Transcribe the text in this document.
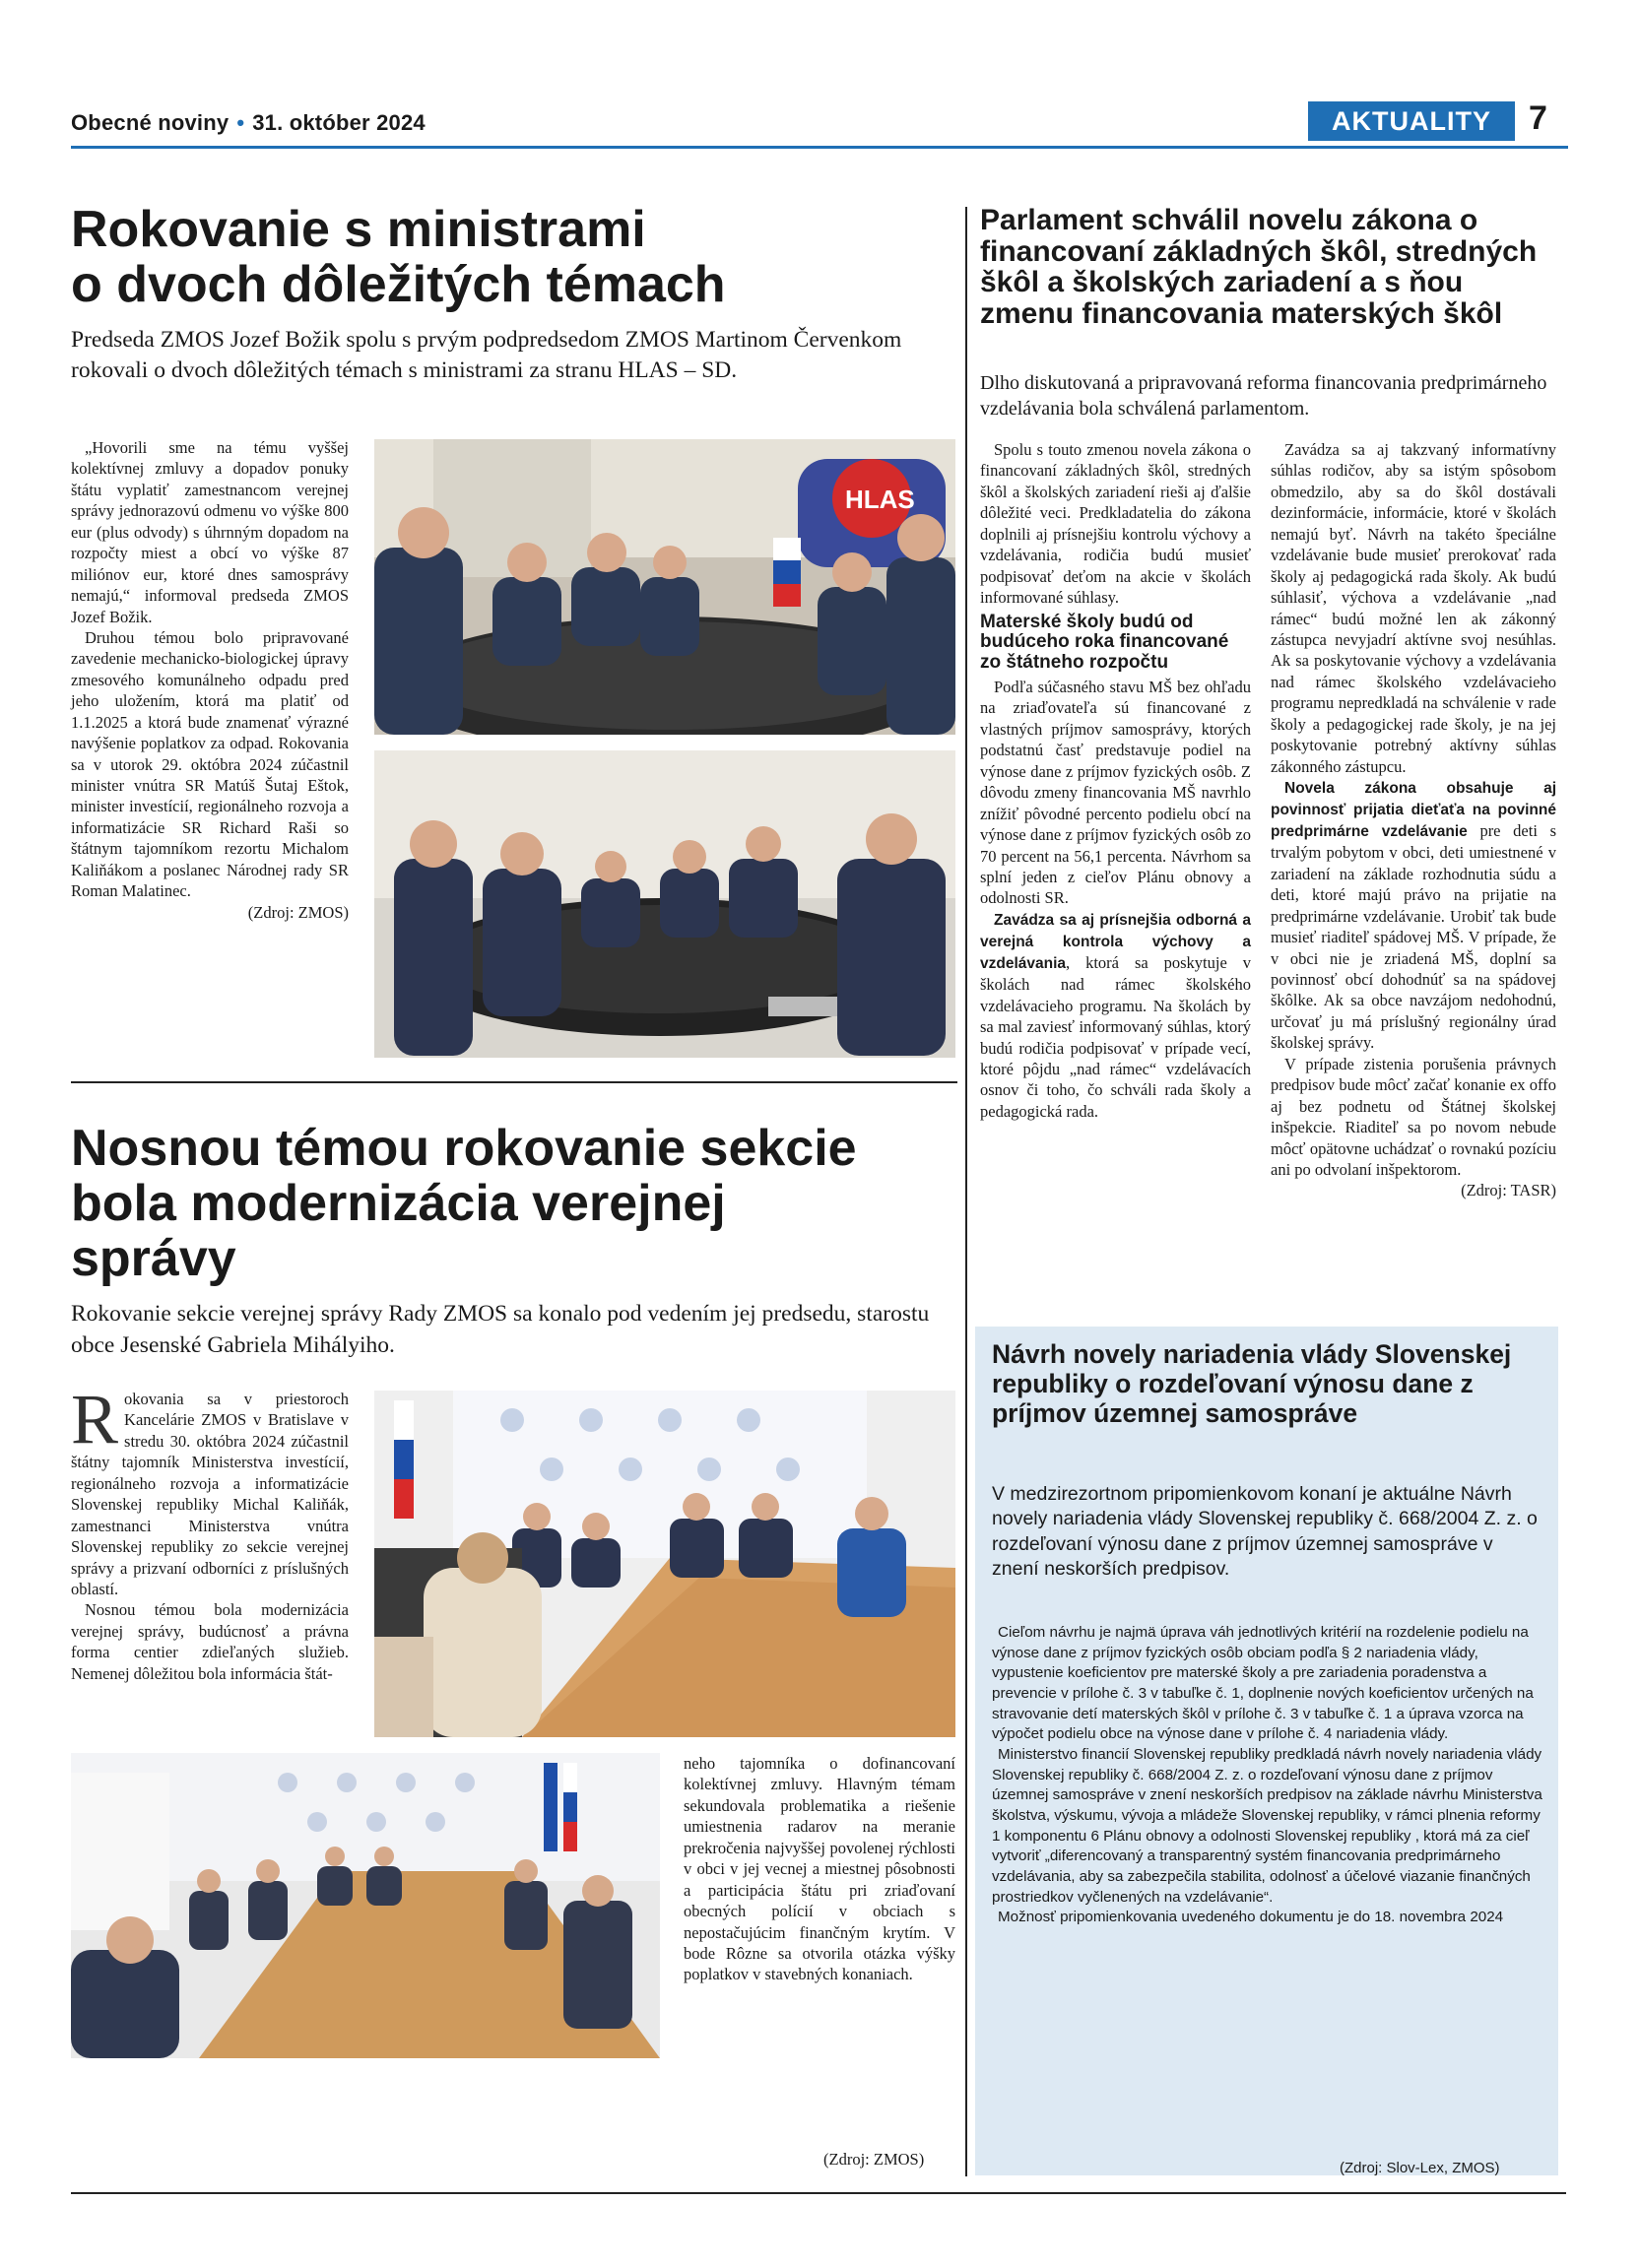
Obecné noviny • 31. október 2024	AKTUALITY	7
Rokovanie s ministrami
o dvoch dôležitých témach
Predseda ZMOS Jozef Božik spolu s prvým podpredsedom ZMOS Martinom Červenkom rokovali o dvoch dôležitých témach s ministrami za stranu HLAS – SD.

„Hovorili sme na tému vyššej kolektívnej zmluvy a dopadov ponuky štátu vyplatiť zamestnancom verejnej správy jednorazovú odmenu vo výške 800 eur (plus odvody) s úhrnným dopadom na rozpočty miest a obcí vo výške 87 miliónov eur, ktoré dnes samosprávy nemajú,“ informoval predseda ZMOS Jozef Božik.

Druhou témou bolo pripravované zavedenie mechanicko-biologickej úpravy zmesového komunálneho odpadu pred jeho uložením, ktorá ma platiť od 1.1.2025 a ktorá bude znamenať výrazné navýšenie poplatkov za odpad. Rokovania sa v utorok 29. októbra 2024 zúčastnil minister vnútra SR Matúš Šutaj Eštok, minister investícií, regionálneho rozvoja a informatizácie SR Richard Raši so štátnym tajomníkom rezortu Michalom Kaliňákom a poslanec Národnej rady SR Roman Malatinec.

(Zdroj: ZMOS)

HLAS
Nosnou témou rokovanie sekcie
bola modernizácia verejnej
správy
Rokovanie sekcie verejnej správy Rady ZMOS sa konalo pod vedením jej predsedu, starostu obce Jesenské Gabriela Mihályiho.

Rokovania sa v priestoroch Kancelárie ZMOS v Bratislave v stredu 30. októbra 2024 zúčastnil štátny tajomník Ministerstva investícií, regionálneho rozvoja a informatizácie Slovenskej republiky Michal Kaliňák, zamestnanci Ministerstva vnútra Slovenskej republiky zo sekcie verejnej správy a prizvaní odborníci z príslušných oblastí.

Nosnou témou bola modernizácia verejnej správy, budúcnosť a právna forma centier zdieľaných služieb. Nemenej dôležitou bola informácia štát-

neho tajomníka o dofinancovaní kolektívnej zmluvy. Hlavným témam sekundovala problematika a riešenie umiestnenia radarov na meranie prekročenia najvyššej povolenej rýchlosti v obci v jej vecnej a miestnej pôsobnosti a participácia štátu pri zriaďovaní obecných polícií v obciach s nepostačujúcim finančným krytím. V bode Rôzne sa otvorila otázka výšky poplatkov v stavebných konaniach.

(Zdroj: ZMOS)
Parlament schválil novelu zákona o financovaní základných škôl, stredných škôl a školských zariadení a s ňou zmenu financovania materských škôl
Dlho diskutovaná a pripravovaná reforma financovania predprimárneho vzdelávania bola schválená parlamentom.

Spolu s touto zmenou novela zákona o financovaní základných škôl, stredných škôl a školských zariadení rieši aj ďalšie dôležité veci. Predkladatelia do zákona doplnili aj prísnejšiu kontrolu výchovy a vzdelávania, rodičia budú musieť podpisovať deťom na akcie v školách informované súhlasy.

Materské školy budú od budúceho roka financované zo štátneho rozpočtu

Podľa súčasného stavu MŠ bez ohľadu na zriaďovateľa sú financované z vlastných príjmov samosprávy, ktorých podstatnú časť predstavuje podiel na výnose dane z príjmov fyzických osôb. Z dôvodu zmeny financovania MŠ navrhlo znížiť pôvodné percento podielu obcí na výnose dane z príjmov fyzických osôb zo 70 percent na 56,1 percenta. Návrhom sa splní jeden z cieľov Plánu obnovy a odolnosti SR.

Zavádza sa aj prísnejšia odborná a verejná kontrola výchovy a vzdelávania, ktorá sa poskytuje v školách nad rámec školského vzdelávacieho programu. Na školách by sa mal zaviesť informovaný súhlas, ktorý budú rodičia podpisovať v prípade vecí, ktoré pôjdu „nad rámec“ vzdelávacích osnov či toho, čo schváli rada školy a pedagogická rada.

Zavádza sa aj takzvaný informatívny súhlas rodičov, aby sa istým spôsobom obmedzilo, aby sa do škôl dostávali dezinformácie, informácie, ktoré v školách nemajú byť. Návrh na takéto špeciálne vzdelávanie bude musieť prerokovať rada školy aj pedagogická rada školy. Ak budú súhlasiť, výchova a vzdelávanie „nad rámec“ budú možné len ak zákonný zástupca nevyjadrí aktívne svoj nesúhlas. Ak sa poskytovanie výchovy a vzdelávania nad rámec školského vzdelávacieho programu nepredkladá na schválenie v rade školy a pedagogickej rade školy, je na jej poskytovanie potrebný aktívny súhlas zákonného zástupcu.

Novela zákona obsahuje aj povinnosť prijatia dieťaťa na povinné predprimárne vzdelávanie pre deti s trvalým pobytom v obci, deti umiestnené v zariadení na základe rozhodnutia súdu a deti, ktoré majú právo na prijatie na predprimárne vzdelávanie. Urobiť tak bude musieť riaditeľ spádovej MŠ. V prípade, že v obci nie je zriadená MŠ, doplní sa povinnosť obcí dohodnúť sa na spádovej škôlke. Ak sa obce navzájom nedohodnú, určovať ju má príslušný regionálny úrad školskej správy.

V prípade zistenia porušenia právnych predpisov bude môcť začať konanie ex offo aj bez podnetu od Štátnej školskej inšpekcie. Riaditeľ sa po novom nebude môcť opätovne uchádzať o rovnakú pozíciu ani po odvolaní inšpektorom.

(Zdroj: TASR)

Návrh novely nariadenia vlády Slovenskej republiky o rozdeľovaní výnosu dane z príjmov územnej samospráve
V medzirezortnom pripomienkovom konaní je aktuálne Návrh novely nariadenia vlády Slovenskej republiky č. 668/2004 Z. z. o rozdeľovaní výnosu dane z príjmov územnej samospráve v znení neskorších predpisov.

Cieľom návrhu je najmä úprava váh jednotlivých kritérií na rozdelenie podielu na výnose dane z príjmov fyzických osôb obciam podľa § 2 nariadenia vlády, vypustenie koeficientov pre materské školy a pre zariadenia poradenstva a prevencie v prílohe č. 3 v tabuľke č. 1, doplnenie nových koeficientov určených na stravovanie detí materských škôl v prílohe č. 3 v tabuľke č. 1 a úprava vzorca na výpočet podielu obce na výnose dane v prílohe č. 4 nariadenia vlády.

Ministerstvo financií Slovenskej republiky predkladá návrh novely nariadenia vlády Slovenskej republiky č. 668/2004 Z. z. o rozdeľovaní výnosu dane z príjmov územnej samospráve v znení neskorších predpisov na základe návrhu Ministerstva školstva, výskumu, vývoja a mládeže Slovenskej republiky, v rámci plnenia reformy 1 komponentu 6 Plánu obnovy a odolnosti Slovenskej republiky , ktorá má za cieľ vytvoriť „diferencovaný a transparentný systém financovania predprimárneho vzdelávania, aby sa zabezpečila stabilita, odolnosť a účelové viazanie finančných prostriedkov vyčlenených na vzdelávanie“.

Možnosť pripomienkovania uvedeného dokumentu je do 18. novembra 2024

(Zdroj: Slov-Lex, ZMOS)
